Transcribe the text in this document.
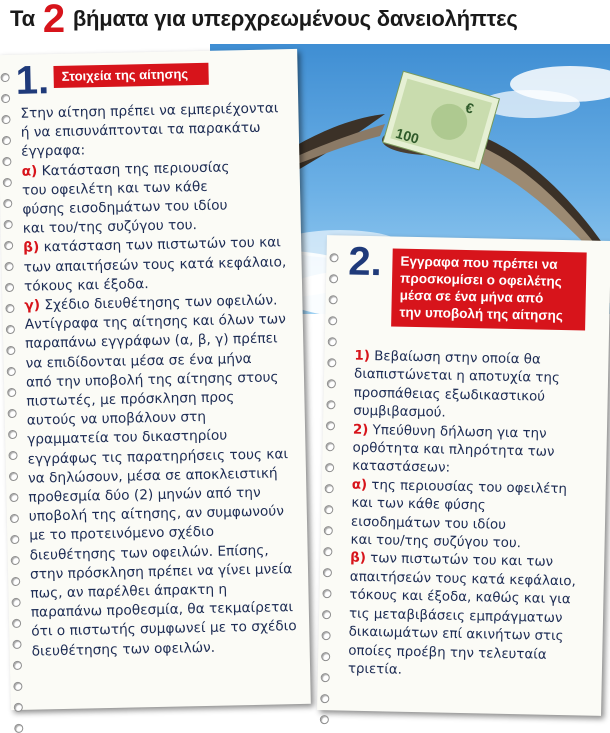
Τα 2 βήματα για υπερχρεωμένους δανειολήπτες
100
€
1. Στοιχεία της αίτησης
Στην αίτηση πρέπει να εμπεριέχονται
ή να επισυνάπτονται τα παρακάτω
έγγραφα:
α) Κατάσταση της περιουσίας
του οφειλέτη και των κάθε
φύσης εισοδημάτων του ιδίου
και του/της συζύγου του.
β) κατάσταση των πιστωτών του και
των απαιτήσεών τους κατά κεφάλαιο,
τόκους και έξοδα.
γ) Σχέδιο διευθέτησης των οφειλών.
Αντίγραφα της αίτησης και όλων των
παραπάνω εγγράφων (α, β, γ) πρέπει
να επιδίδονται μέσα σε ένα μήνα
από την υποβολή της αίτησης στους
πιστωτές, με πρόσκληση προς
αυτούς να υποβάλουν στη
γραμματεία του δικαστηρίου
εγγράφως τις παρατηρήσεις τους και
να δηλώσουν, μέσα σε αποκλειστική
προθεσμία δύο (2) μηνών από την
υποβολή της αίτησης, αν συμφωνούν
με το προτεινόμενο σχέδιο
διευθέτησης των οφειλών. Επίσης,
στην πρόσκληση πρέπει να γίνει μνεία
πως, αν παρέλθει άπρακτη η
παραπάνω προθεσμία, θα τεκμαίρεται
ότι ο πιστωτής συμφωνεί με το σχέδιο
διευθέτησης των οφειλών.
2. Εγγραφα που πρέπει να
προσκομίσει ο οφειλέτης
μέσα σε ένα μήνα από
την υποβολή της αίτησης
1) Βεβαίωση στην οποία θα
διαπιστώνεται η αποτυχία της
προσπάθειας εξωδικαστικού
συμβιβασμού.
2) Υπεύθυνη δήλωση για την
ορθότητα και πληρότητα των
καταστάσεων:
α) της περιουσίας του οφειλέτη
και των κάθε φύσης
εισοδημάτων του ιδίου
και του/της συζύγου του.
β) των πιστωτών του και των
απαιτήσεών τους κατά κεφάλαιο,
τόκους και έξοδα, καθώς και για
τις μεταβιβάσεις εμπράγματων
δικαιωμάτων επί ακινήτων στις
οποίες προέβη την τελευταία
τριετία.
